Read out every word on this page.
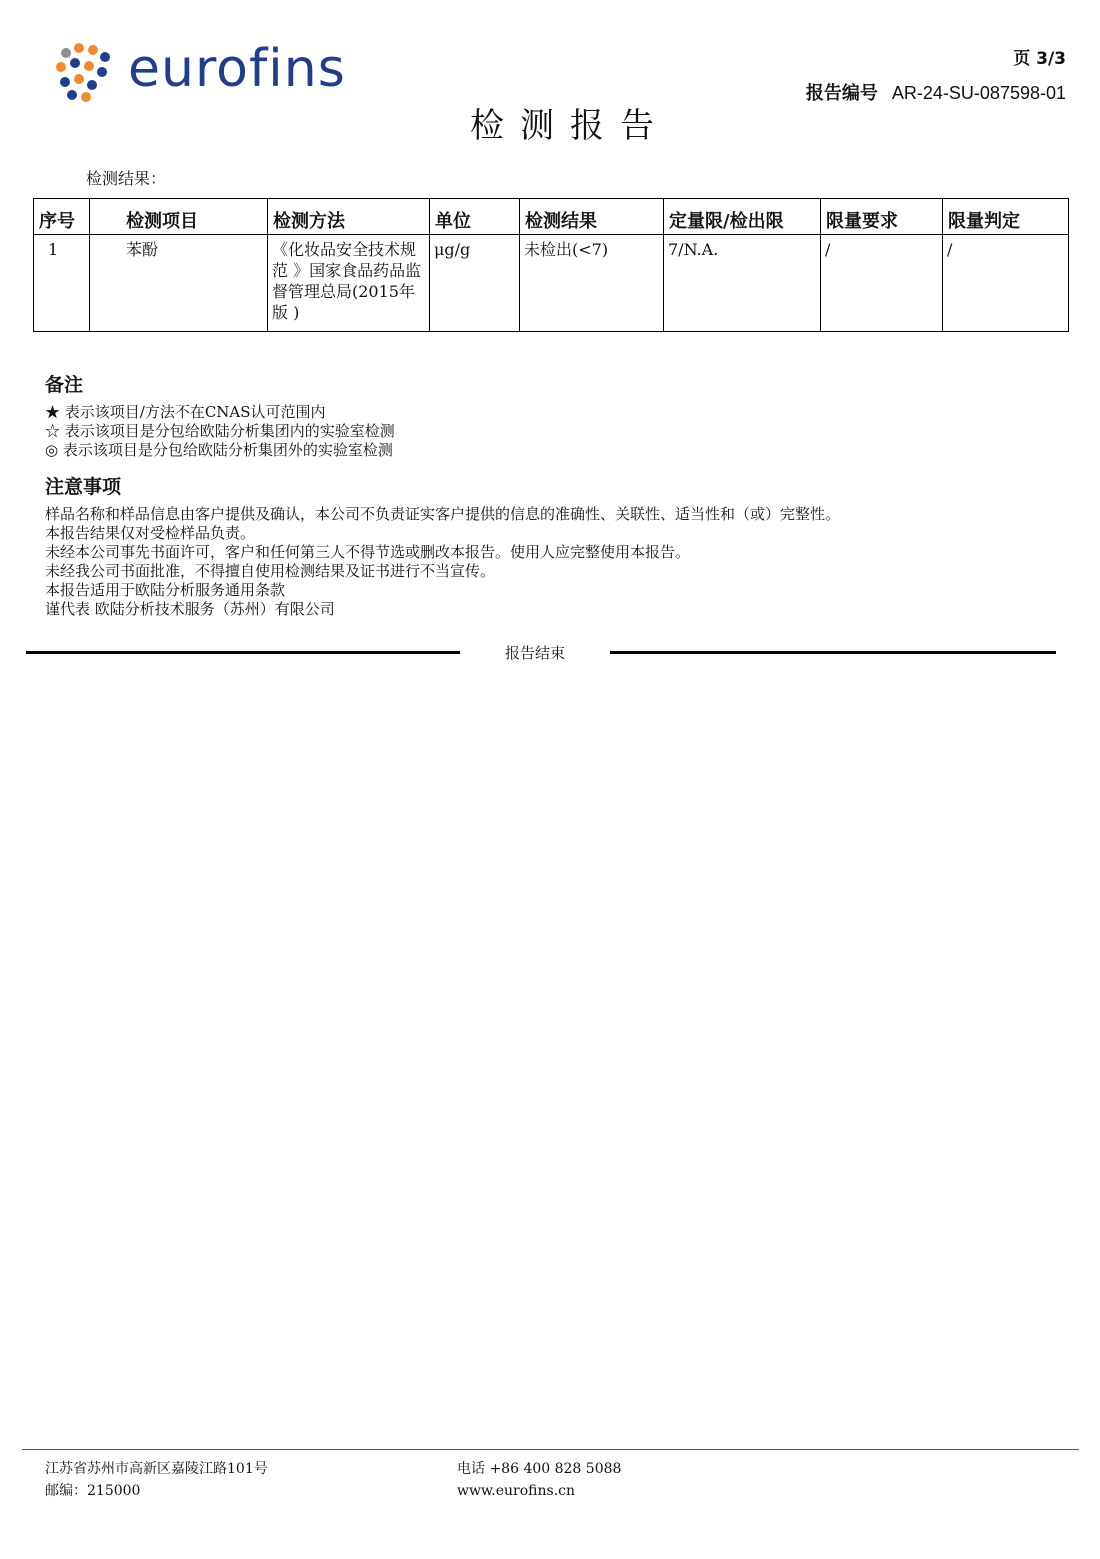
eurofins	页 3/3
报告编号 AR-24-SU-087598-01
检测报告
检测结果：
序号	检测项目	检测方法	单位	检测结果	定量限/检出限	限量要求	限量判定
1	苯酚	《化妆品安全技术规范 》国家食品药品监督管理总局(2015年版 )	μg/g	未检出(<7)	7/N.A.	/	/
备注
★ 表示该项目/方法不在CNAS认可范围内
☆ 表示该项目是分包给欧陆分析集团内的实验室检测
◎ 表示该项目是分包给欧陆分析集团外的实验室检测
注意事项
样品名称和样品信息由客户提供及确认，本公司不负责证实客户提供的信息的准确性、关联性、适当性和（或）完整性。
本报告结果仅对受检样品负责。
未经本公司事先书面许可，客户和任何第三人不得节选或删改本报告。使用人应完整使用本报告。
未经我公司书面批准，不得擅自使用检测结果及证书进行不当宣传。
本报告适用于欧陆分析服务通用条款
谨代表 欧陆分析技术服务（苏州）有限公司
报告结束
江苏省苏州市高新区嘉陵江路101号
邮编：215000
电话 +86 400 828 5088
www.eurofins.cn
